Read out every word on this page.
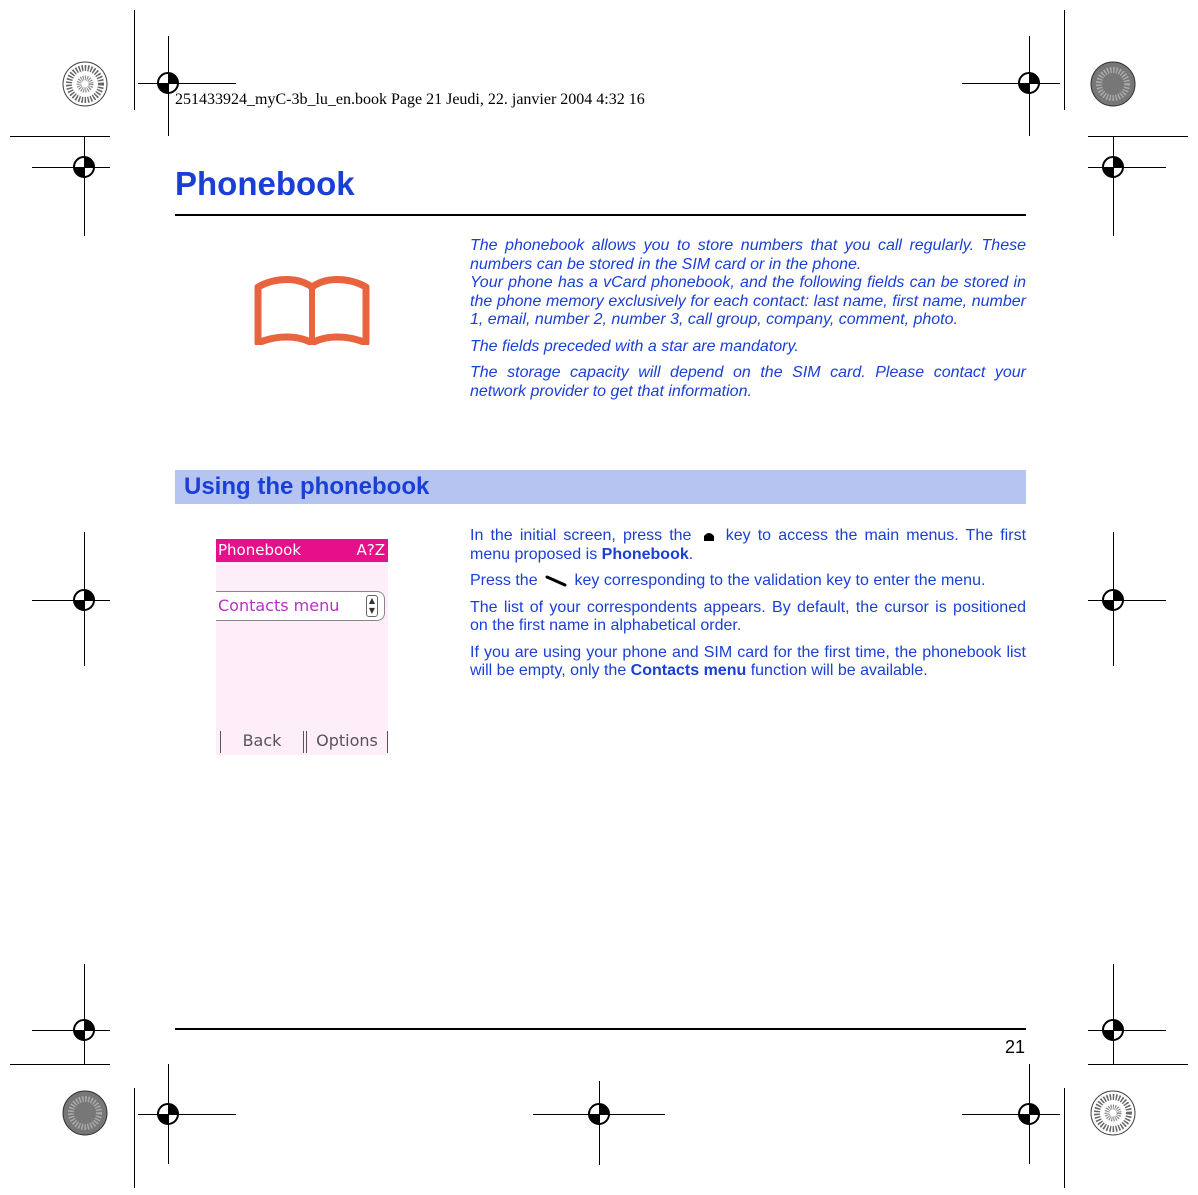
251433924_myC-3b_lu_en.book Page 21 Jeudi, 22. janvier 2004 4:32 16
Phonebook

The phonebook allows you to store numbers that you call regularly. These numbers can be stored in the SIM card or in the phone.

Your phone has a vCard phonebook, and the following fields can be stored in the phone memory exclusively for each contact: last name, first name, number 1, email, number 2, number 3, call group, company, comment, photo.

The fields preceded with a star are mandatory.

The storage capacity will depend on the SIM card. Please contact your network provider to get that information.

Using the phonebook
Phonebook	A?Z
Contacts menu	▲
▼
Back	Options

In the initial screen, press the key to access the main menus. The first menu proposed is Phonebook.

Press the key corresponding to the validation key to enter the menu.

The list of your correspondents appears. By default, the cursor is positioned on the first name in alphabetical order.

If you are using your phone and SIM card for the first time, the phonebook list will be empty, only the Contacts menu function will be available.

21
